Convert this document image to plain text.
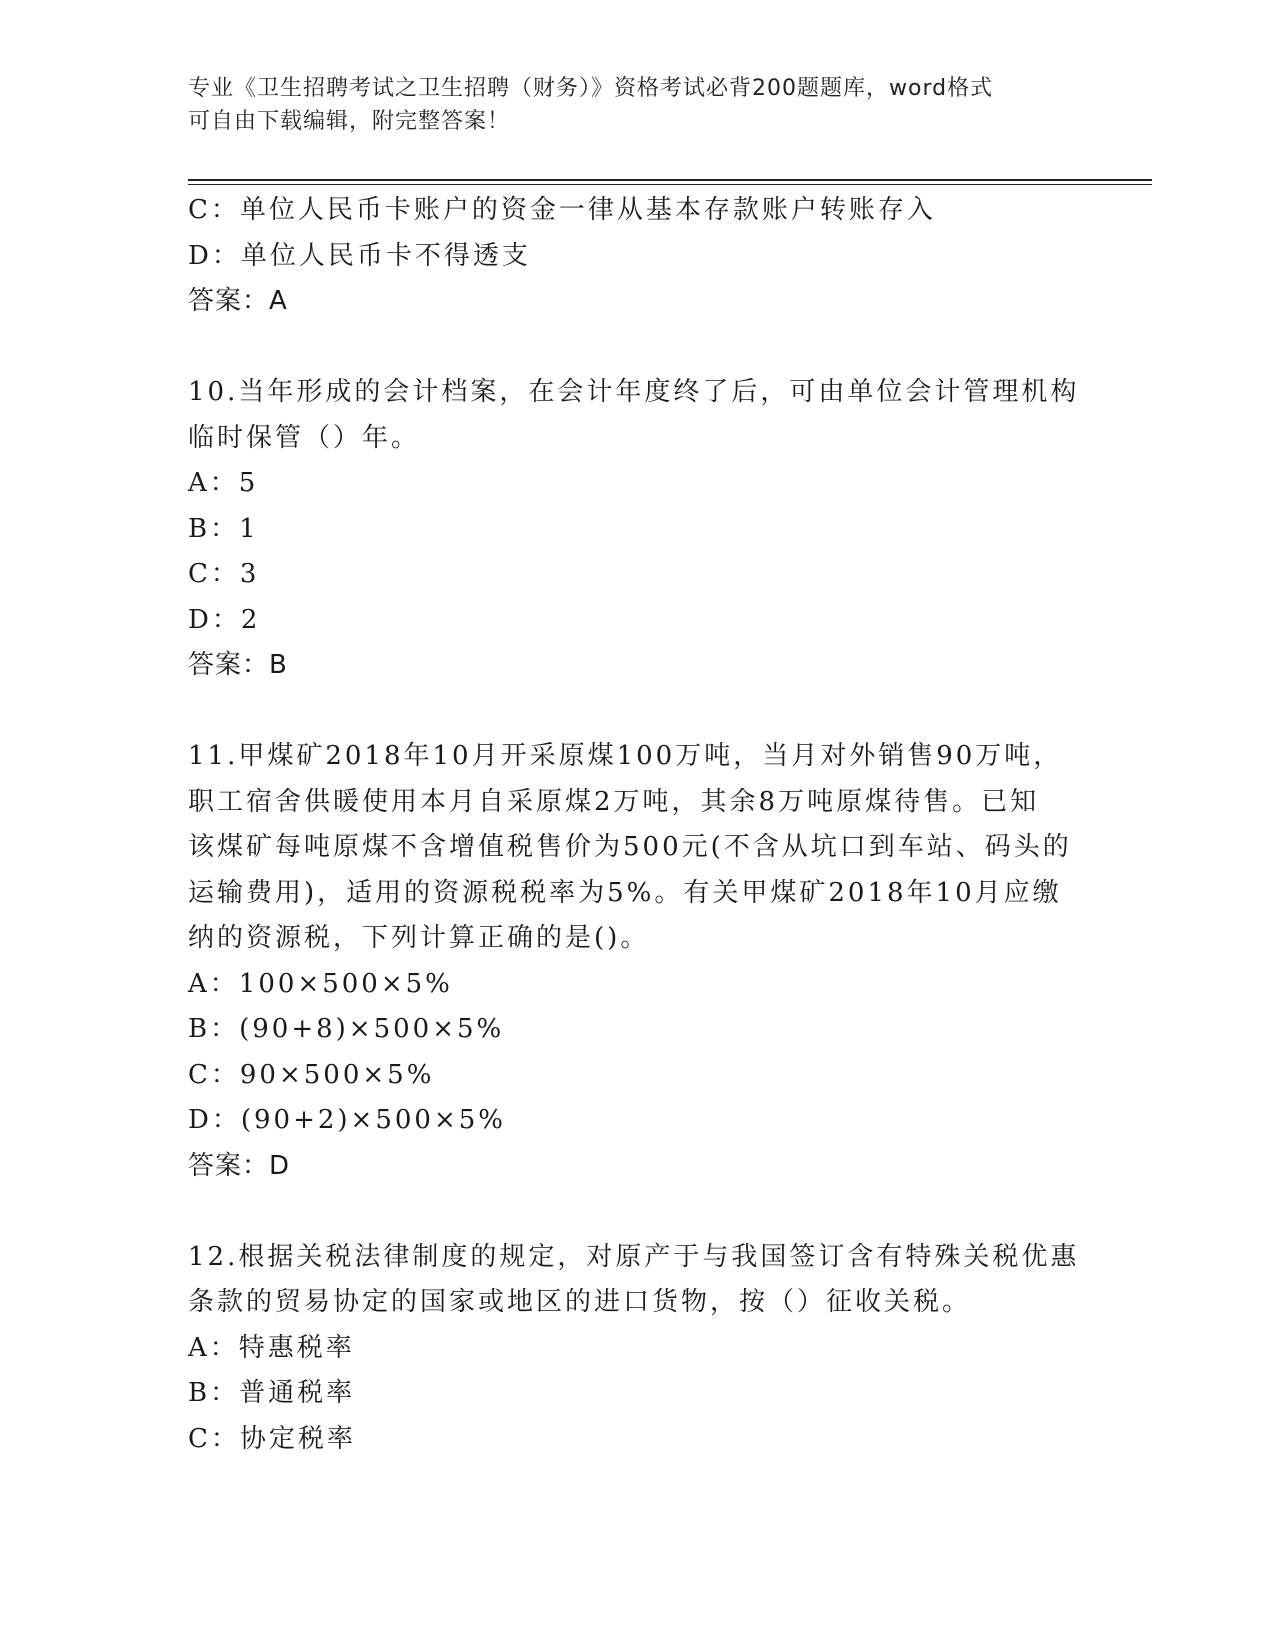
专业《卫生招聘考试之卫生招聘（财务）》资格考试必背200题题库，word格式
可自由下载编辑，附完整答案！
C：单位人民币卡账户的资金一律从基本存款账户转账存入
D：单位人民币卡不得透支
答案：A
10.当年形成的会计档案，在会计年度终了后，可由单位会计管理机构
临时保管（）年。
A：5
B：1
C：3
D：2
答案：B
11.甲煤矿2018年10月开采原煤100万吨，当月对外销售90万吨，
职工宿舍供暖使用本月自采原煤2万吨，其余8万吨原煤待售。已知
该煤矿每吨原煤不含增值税售价为500元(不含从坑口到车站、码头的
运输费用)，适用的资源税税率为5%。有关甲煤矿2018年10月应缴
纳的资源税，下列计算正确的是()。
A：100×500×5%
B：(90+8)×500×5%
C：90×500×5%
D：(90+2)×500×5%
答案：D
12.根据关税法律制度的规定，对原产于与我国签订含有特殊关税优惠
条款的贸易协定的国家或地区的进口货物，按（）征收关税。
A：特惠税率
B：普通税率
C：协定税率
